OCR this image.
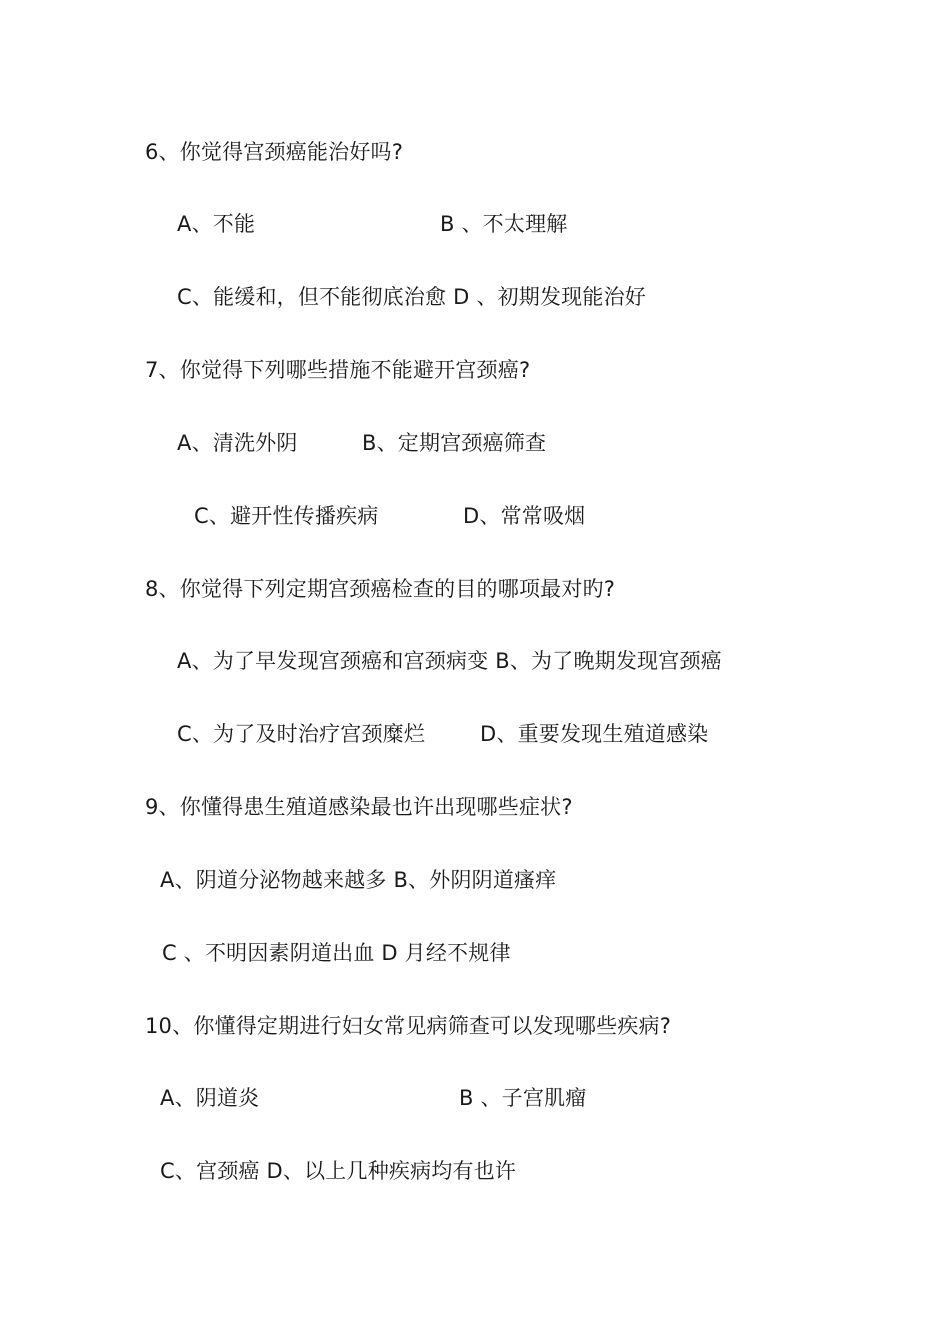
6、你觉得宫颈癌能治好吗?
A、不能	B 、不太理解
C、能缓和，但不能彻底治愈 D 、初期发现能治好
7、你觉得下列哪些措施不能避开宫颈癌?
A、清洗外阴	B、定期宫颈癌筛查
C、避开性传播疾病	D、常常吸烟
8、你觉得下列定期宫颈癌检查的目的哪项最对旳?
A、为了早发现宫颈癌和宫颈病变 B、为了晚期发现宫颈癌
C、为了及时治疗宫颈糜烂	D、重要发现生殖道感染
9、你懂得患生殖道感染最也许出现哪些症状?
A、阴道分泌物越来越多 B、外阴阴道瘙痒
C 、不明因素阴道出血 D 月经不规律
10、你懂得定期进行妇女常见病筛查可以发现哪些疾病?
A、阴道炎	B 、子宫肌瘤
C、宫颈癌 D、以上几种疾病均有也许
